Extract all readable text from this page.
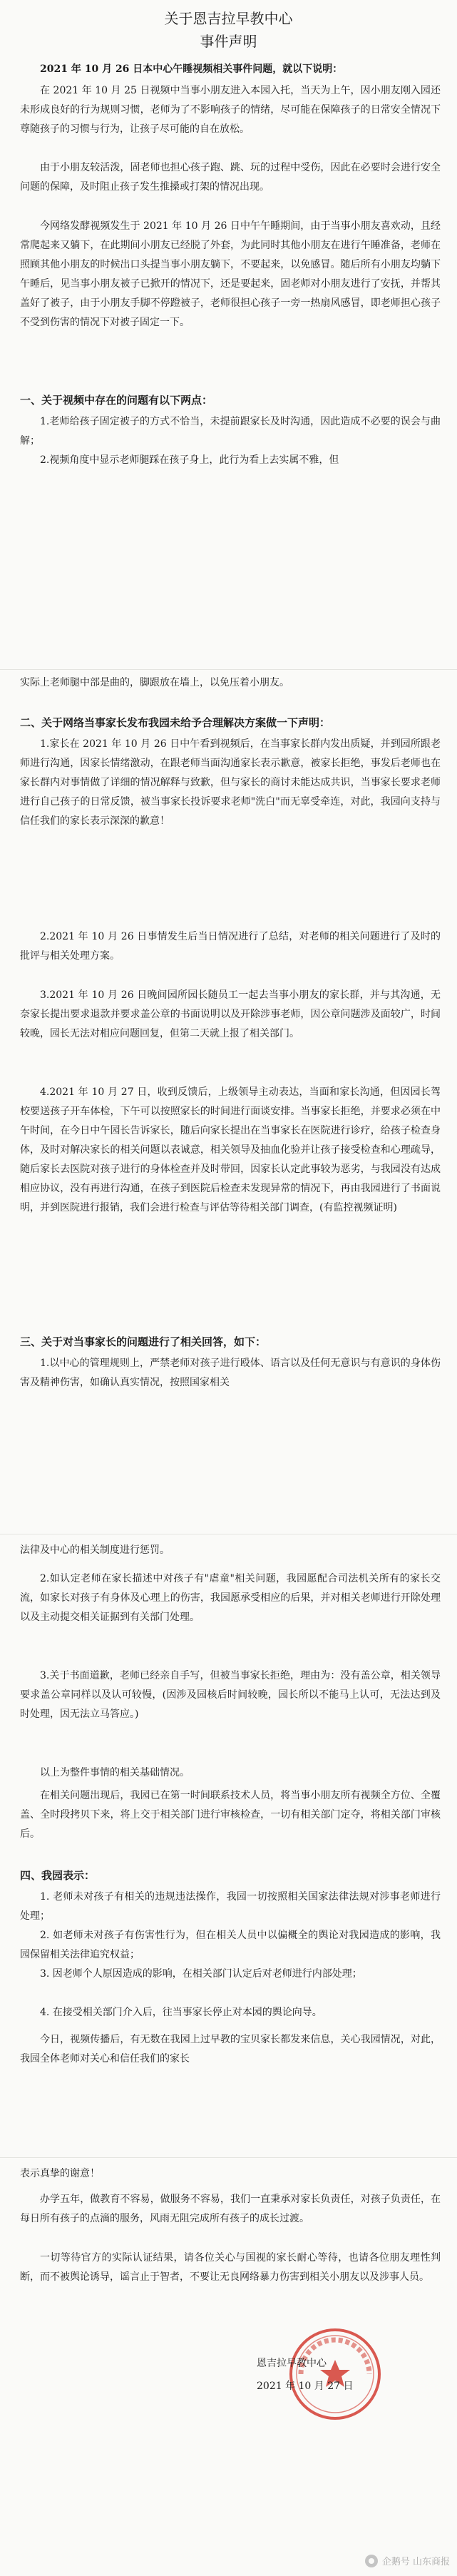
关于恩吉拉早教中心
事件声明

2021 年 10 月 26 日本中心午睡视频相关事件问题，就以下说明：

在 2021 年 10 月 25 日视频中当事小朋友进入本园入托，当天为上午，因小朋友刚入园还未形成良好的行为规则习惯，老师为了不影响孩子的情绪，尽可能在保障孩子的日常安全情况下尊随孩子的习惯与行为，让孩子尽可能的自在放松。

由于小朋友较活泼，固老师也担心孩子跑、跳、玩的过程中受伤，因此在必要时会进行安全问题的保障，及时阻止孩子发生推搡或打架的情况出现。

今网络发酵视频发生于 2021 年 10 月 26 日中午午睡期间，由于当事小朋友喜欢动，且经常爬起来又躺下，在此期间小朋友已经脱了外套，为此同时其他小朋友在进行午睡准备，老师在照顾其他小朋友的时候出口头提当事小朋友躺下，不要起来，以免感冒。随后所有小朋友均躺下午睡后，见当事小朋友被子已掀开的情况下，还是要起来，固老师对小朋友进行了安抚，并帮其盖好了被子，由于小朋友手脚不停蹬被子，老师很担心孩子一旁一热扇风感冒，即老师担心孩子不受到伤害的情况下对被子固定一下。

一、关于视频中存在的问题有以下两点：

1.老师给孩子固定被子的方式不恰当，未提前跟家长及时沟通，因此造成不必要的误会与曲解；

2.视频角度中显示老师腿踩在孩子身上，此行为看上去实属不雅，但

实际上老师腿中部是曲的，脚跟放在墙上，以免压着小朋友。

二、关于网络当事家长发布我园未给予合理解决方案做一下声明：

1.家长在 2021 年 10 月 26 日中午看到视频后，在当事家长群内发出质疑，并到园所跟老师进行沟通，因家长情绪激动，在跟老师当面沟通家长表示歉意，被家长拒绝，事发后老师也在家长群内对事情做了详细的情况解释与致歉，但与家长的商讨未能达成共识，当事家长要求老师进行自己孩子的日常反馈，被当事家长投诉要求老师"洗白"而无辜受牵连，对此，我园向支持与信任我们的家长表示深深的歉意！

2.2021 年 10 月 26 日事情发生后当日情况进行了总结，对老师的相关问题进行了及时的批评与相关处理方案。

3.2021 年 10 月 26 日晚间园所园长随员工一起去当事小朋友的家长群，并与其沟通，无奈家长提出要求退款并要求盖公章的书面说明以及开除涉事老师，因公章问题涉及面较广，时间较晚，园长无法对相应问题回复，但第二天就上报了相关部门。

4.2021 年 10 月 27 日，收到反馈后，上级领导主动表达，当面和家长沟通，但因园长驾校要送孩子开车体检，下午可以按照家长的时间进行面谈安排。当事家长拒绝，并要求必须在中午时间，在今日中午园长告诉家长，随后向家长提出在当事家长在医院进行诊疗，给孩子检查身体，及时对解决家长的相关问题以表诚意，相关领导及抽血化验并让孩子接受检查和心理疏导，随后家长去医院对孩子进行的身体检查并及时带回，因家长认定此事较为恶劣，与我园没有达成相应协议，没有再进行沟通，在孩子到医院后检查未发现异常的情况下，再由我园进行了书面说明，并到医院进行报销，我们会进行检查与评估等待相关部门调查，(有监控视频证明)

三、关于对当事家长的问题进行了相关回答，如下：

1.以中心的管理规则上，严禁老师对孩子进行殴体、语言以及任何无意识与有意识的身体伤害及精神伤害，如确认真实情况，按照国家相关

法律及中心的相关制度进行惩罚。

2.如认定老师在家长描述中对孩子有"虐童"相关问题，我园愿配合司法机关所有的家长交流，如家长对孩子有身体及心理上的伤害，我园愿承受相应的后果，并对相关老师进行开除处理以及主动提交相关证据到有关部门处理。

3.关于书面道歉，老师已经亲自手写，但被当事家长拒绝，理由为：没有盖公章，相关领导要求盖公章同样以及认可较慢，(因涉及园核后时间较晚，园长所以不能马上认可，无法达到及时处理，因无法立马答应。)

以上为整件事情的相关基础情况。

在相关问题出现后，我园已在第一时间联系技术人员，将当事小朋友所有视频全方位、全覆盖、全时段拷贝下来，将上交于相关部门进行审核检查，一切有相关部门定夺，将相关部门审核后。

四、我园表示：

1. 老师未对孩子有相关的违规违法操作，我园一切按照相关国家法律法规对涉事老师进行处理；

2. 如老师未对孩子有伤害性行为，但在相关人员中以偏概全的舆论对我园造成的影响，我园保留相关法律追究权益；

3. 因老师个人原因造成的影响，在相关部门认定后对老师进行内部处理；

4. 在接受相关部门介入后，往当事家长停止对本园的舆论向导。

今日，视频传播后，有无数在我园上过早教的宝贝家长都发来信息，关心我园情况，对此，我园全体老师对关心和信任我们的家长

表示真挚的谢意！

办学五年，做教育不容易，做服务不容易，我们一直秉承对家长负责任，对孩子负责任，在每日所有孩子的点滴的服务，风雨无阻完成所有孩子的成长过渡。

一切等待官方的实际认证结果，请各位关心与国视的家长耐心等待，也请各位朋友理性判断，而不被舆论诱导，谣言止于智者，不要让无良网络暴力伤害到相关小朋友以及涉事人员。

恩吉拉早教中心
2021 年 10 月 27 日
企鹅号 山东商报
